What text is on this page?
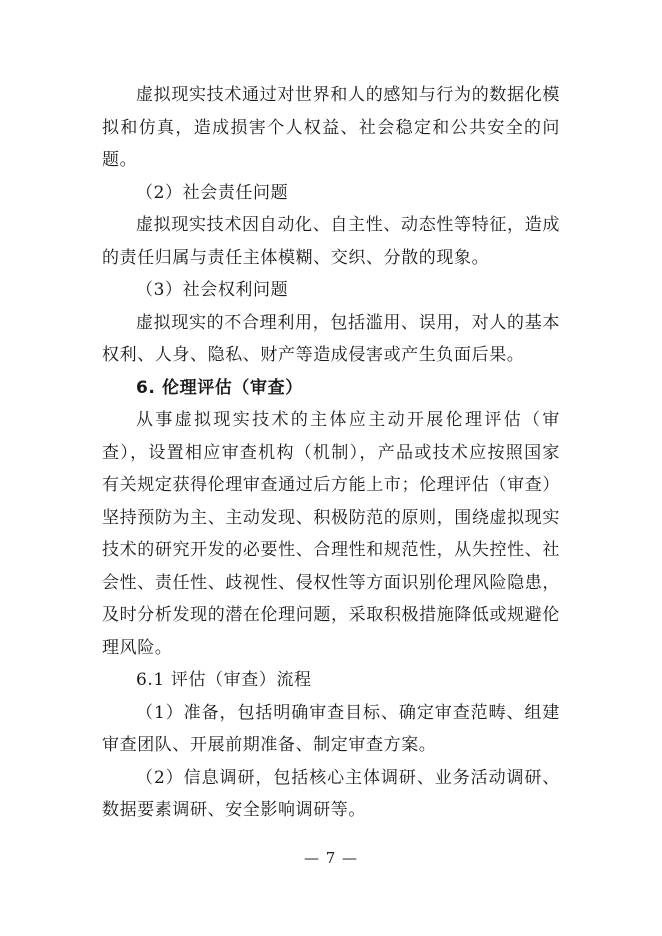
虚拟现实技术通过对世界和人的感知与行为的数据化模拟和仿真，造成损害个人权益、社会稳定和公共安全的问题。

（2）社会责任问题

虚拟现实技术因自动化、自主性、动态性等特征，造成的责任归属与责任主体模糊、交织、分散的现象。

（3）社会权利问题

虚拟现实的不合理利用，包括滥用、误用，对人的基本权利、人身、隐私、财产等造成侵害或产生负面后果。

6. 伦理评估（审查）

从事虚拟现实技术的主体应主动开展伦理评估（审查），设置相应审查机构（机制），产品或技术应按照国家有关规定获得伦理审查通过后方能上市；伦理评估（审查）坚持预防为主、主动发现、积极防范的原则，围绕虚拟现实技术的研究开发的必要性、合理性和规范性，从失控性、社会性、责任性、歧视性、侵权性等方面识别伦理风险隐患，及时分析发现的潜在伦理问题，采取积极措施降低或规避伦理风险。

6.1 评估（审查）流程

（1）准备，包括明确审查目标、确定审查范畴、组建审查团队、开展前期准备、制定审查方案。

（2）信息调研，包括核心主体调研、业务活动调研、数据要素调研、安全影响调研等。

— 7 —
